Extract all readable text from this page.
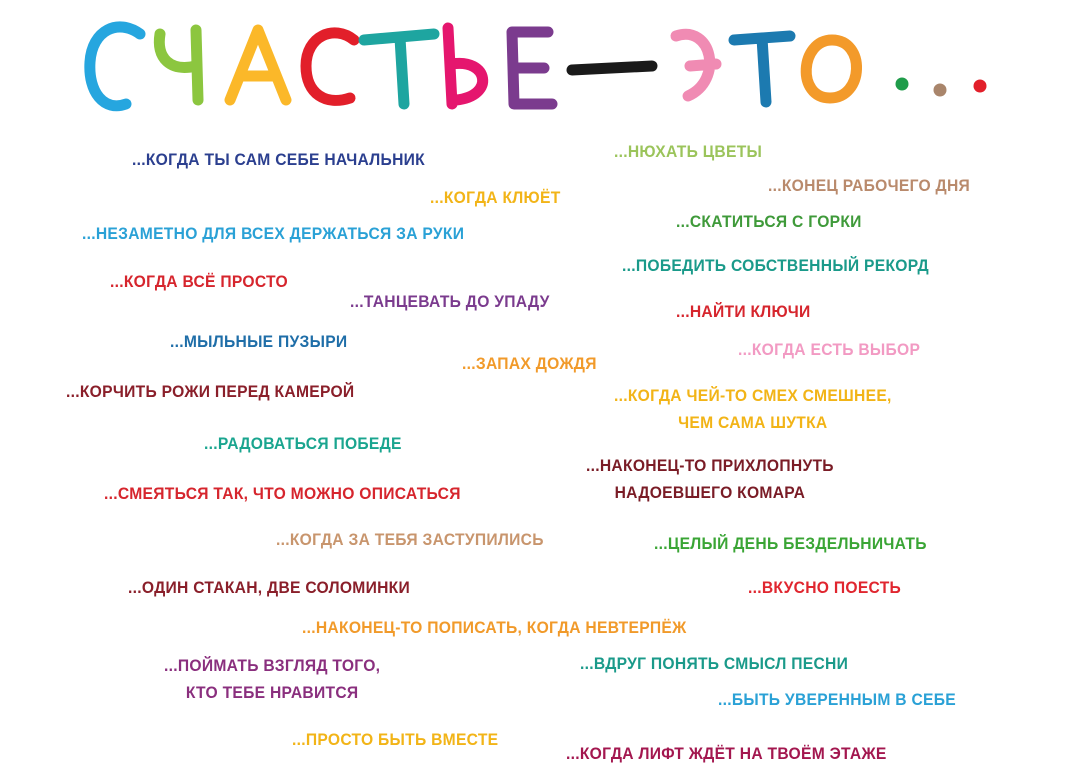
...КОГДА ТЫ САМ СЕБЕ НАЧАЛЬНИК	...НЮХАТЬ ЦВЕТЫ
...КОНЕЦ РАБОЧЕГО ДНЯ
...КОГДА КЛЮЁТ
...СКАТИТЬСЯ С ГОРКИ
...НЕЗАМЕТНО ДЛЯ ВСЕХ ДЕРЖАТЬСЯ ЗА РУКИ
...ПОБЕДИТЬ СОБСТВЕННЫЙ РЕКОРД
...КОГДА ВСЁ ПРОСТО
...ТАНЦЕВАТЬ ДО УПАДУ
...НАЙТИ КЛЮЧИ
...МЫЛЬНЫЕ ПУЗЫРИ	...КОГДА ЕСТЬ ВЫБОР
...ЗАПАХ ДОЖДЯ
...КОРЧИТЬ РОЖИ ПЕРЕД КАМЕРОЙ	...КОГДА ЧЕЙ-ТО СМЕХ СМЕШНЕЕ,
ЧЕМ САМА ШУТКА
...РАДОВАТЬСЯ ПОБЕДЕ
...НАКОНЕЦ-ТО ПРИХЛОПНУТЬ
НАДОЕВШЕГО КОМАРА
...СМЕЯТЬСЯ ТАК, ЧТО МОЖНО ОПИСАТЬСЯ
...КОГДА ЗА ТЕБЯ ЗАСТУПИЛИСЬ	...ЦЕЛЫЙ ДЕНЬ БЕЗДЕЛЬНИЧАТЬ
...ОДИН СТАКАН, ДВЕ СОЛОМИНКИ	...ВКУСНО ПОЕСТЬ
...НАКОНЕЦ-ТО ПОПИСАТЬ, КОГДА НЕВТЕРПЁЖ
...ПОЙМАТЬ ВЗГЛЯД ТОГО,
КТО ТЕБЕ НРАВИТСЯ
...ВДРУГ ПОНЯТЬ СМЫСЛ ПЕСНИ
...БЫТЬ УВЕРЕННЫМ В СЕБЕ
...ПРОСТО БЫТЬ ВМЕСТЕ
...КОГДА ЛИФТ ЖДЁТ НА ТВОЁМ ЭТАЖЕ
